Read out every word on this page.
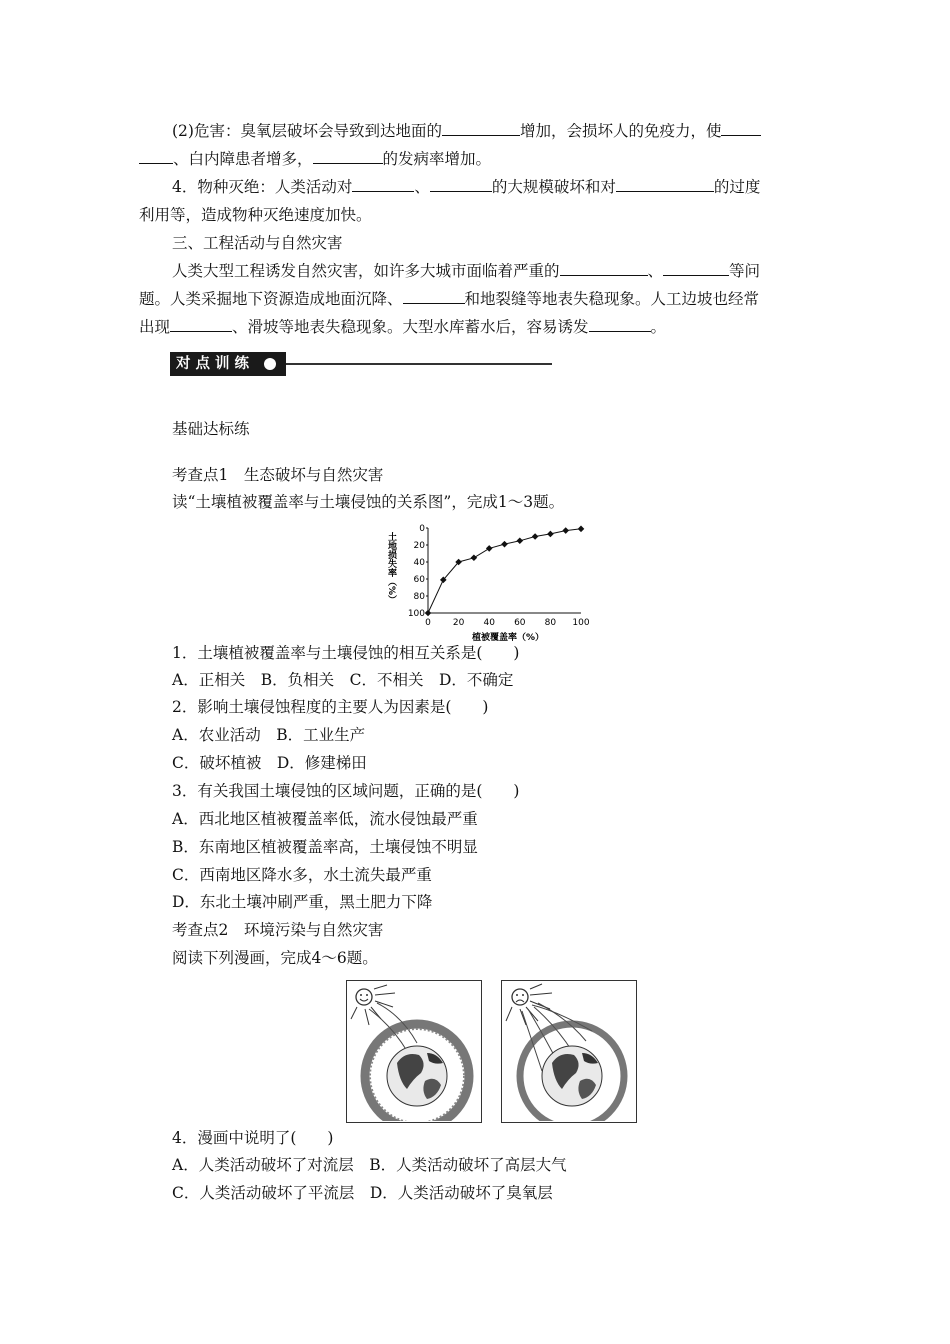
(2)危害：臭氧层破坏会导致到达地面的	增加，会损坏人的免疫力，使
、白内障患者增多，	的发病率增加。
4．物种灭绝：人类活动对	、	的大规模破坏和对	的过度
利用等，造成物种灭绝速度加快。
三、工程活动与自然灾害
人类大型工程诱发自然灾害，如许多大城市面临着严重的	、	等问
题。人类采掘地下资源造成地面沉降、	和地裂缝等地表失稳现象。人工边坡也经常
出现	、滑坡等地表失稳现象。大型水库蓄水后，容易诱发	。
对点训练
基础达标练
考查点1　生态破坏与自然灾害
读“土壤植被覆盖率与土壤侵蚀的关系图”，完成1～3题。
土地损失率（%）
0
20
40
60
80
100
0 20 40 60 80 100
植被覆盖率（%）
1．土壤植被覆盖率与土壤侵蚀的相互关系是(　　)
A．正相关　B．负相关　C．不相关　D．不确定
2．影响土壤侵蚀程度的主要人为因素是(　　)
A．农业活动　B．工业生产
C．破坏植被　D．修建梯田
3．有关我国土壤侵蚀的区域问题，正确的是(　　)
A．西北地区植被覆盖率低，流水侵蚀最严重
B．东南地区植被覆盖率高，土壤侵蚀不明显
C．西南地区降水多，水土流失最严重
D．东北土壤冲刷严重，黑土肥力下降
考查点2　环境污染与自然灾害
阅读下列漫画，完成4～6题。
4．漫画中说明了(　　)
A．人类活动破坏了对流层　B．人类活动破坏了高层大气
C．人类活动破坏了平流层　D．人类活动破坏了臭氧层
